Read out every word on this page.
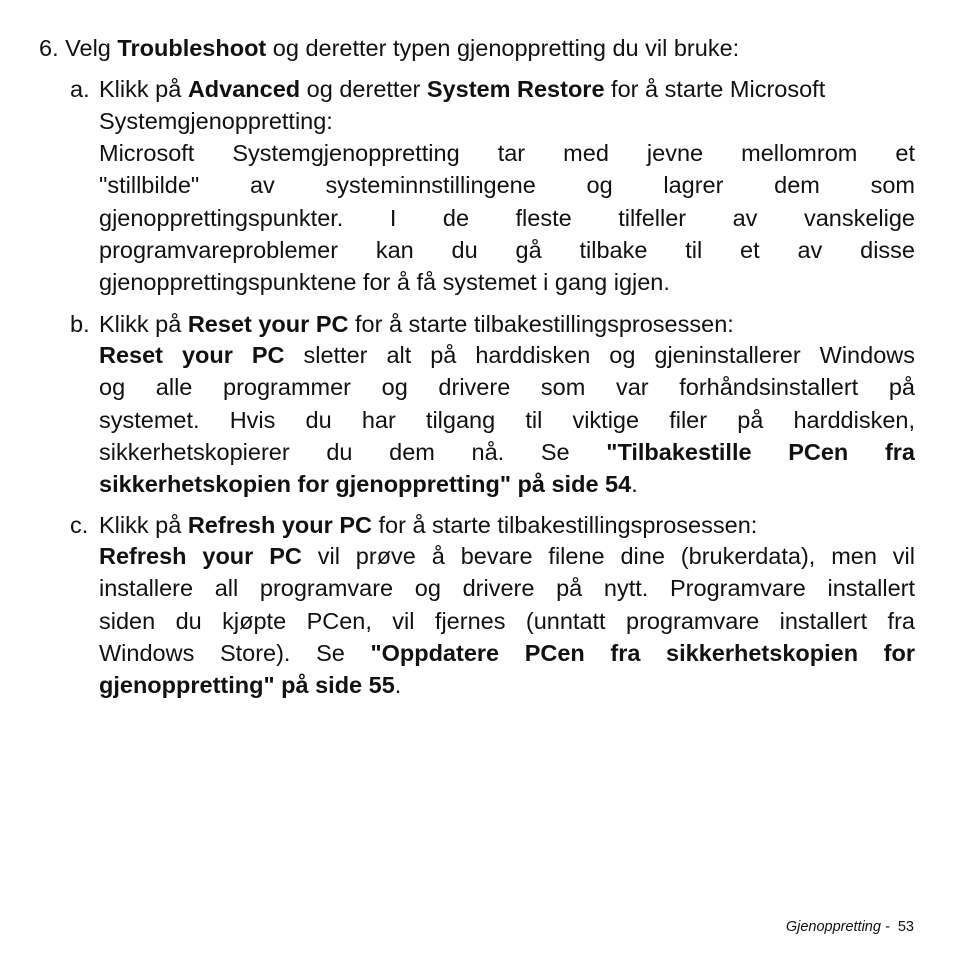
6. Velg Troubleshoot og deretter typen gjenoppretting du vil bruke:
a. Klikk på Advanced og deretter System Restore for å starte Microsoft
Systemgjenoppretting:
Microsoft Systemgjenoppretting tar med jevne mellomrom et
"stillbilde" av systeminnstillingene og lagrer dem som
gjenopprettingspunkter. I de fleste tilfeller av vanskelige
programvareproblemer kan du gå tilbake til et av disse
gjenopprettingspunktene for å få systemet i gang igjen.
b. Klikk på Reset your PC for å starte tilbakestillingsprosessen:
Reset your PC sletter alt på harddisken og gjeninstallerer Windows
og alle programmer og drivere som var forhåndsinstallert på
systemet. Hvis du har tilgang til viktige filer på harddisken,
sikkerhetskopierer du dem nå. Se "Tilbakestille PCen fra
sikkerhetskopien for gjenoppretting" på side 54.
c. Klikk på Refresh your PC for å starte tilbakestillingsprosessen:
Refresh your PC vil prøve å bevare filene dine (brukerdata), men vil
installere all programvare og drivere på nytt. Programvare installert
siden du kjøpte PCen, vil fjernes (unntatt programvare installert fra
Windows Store). Se "Oppdatere PCen fra sikkerhetskopien for
gjenoppretting" på side 55.
Gjenoppretting - 53
